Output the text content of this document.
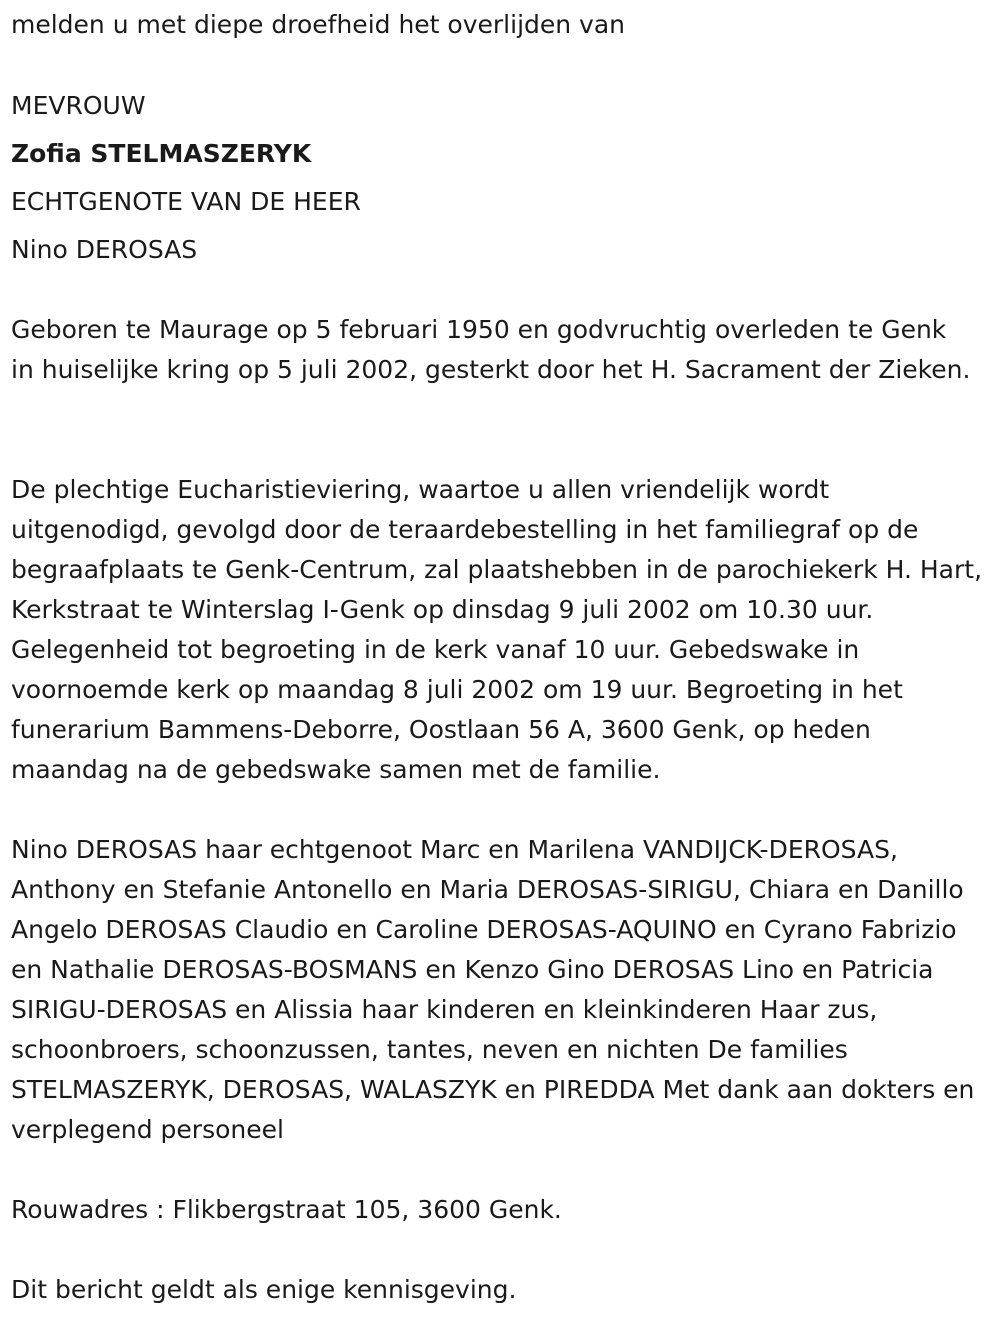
melden u met diepe droefheid het overlijden van
MEVROUW
Zofia STELMASZERYK
ECHTGENOTE VAN DE HEER
Nino DEROSAS

Geboren te Maurage op 5 februari 1950 en godvruchtig overleden te Genk in huiselijke kring op 5 juli 2002, gesterkt door het H. Sacrament der Zieken.

De plechtige Eucharistieviering, waartoe u allen vriendelijk wordt uitgenodigd, gevolgd door de teraardebestelling in het familiegraf op de begraafplaats te Genk-Centrum, zal plaatshebben in de parochiekerk H. Hart, Kerkstraat te Winterslag I-Genk op dinsdag 9 juli 2002 om 10.30 uur. Gelegenheid tot begroeting in de kerk vanaf 10 uur. Gebedswake in voornoemde kerk op maandag 8 juli 2002 om 19 uur. Begroeting in het funerarium Bammens-Deborre, Oostlaan 56 A, 3600 Genk, op heden maandag na de gebedswake samen met de familie.

Nino DEROSAS haar echtgenoot Marc en Marilena VANDIJCK-DEROSAS, Anthony en Stefanie Antonello en Maria DEROSAS-SIRIGU, Chiara en Danillo Angelo DEROSAS Claudio en Caroline DEROSAS-AQUINO en Cyrano Fabrizio en Nathalie DEROSAS-BOSMANS en Kenzo Gino DEROSAS Lino en Patricia SIRIGU-DEROSAS en Alissia haar kinderen en kleinkinderen Haar zus, schoonbroers, schoonzussen, tantes, neven en nichten De families STELMASZERYK, DEROSAS, WALASZYK en PIREDDA Met dank aan dokters en verplegend personeel

Rouwadres : Flikbergstraat 105, 3600 Genk.
Dit bericht geldt als enige kennisgeving.
